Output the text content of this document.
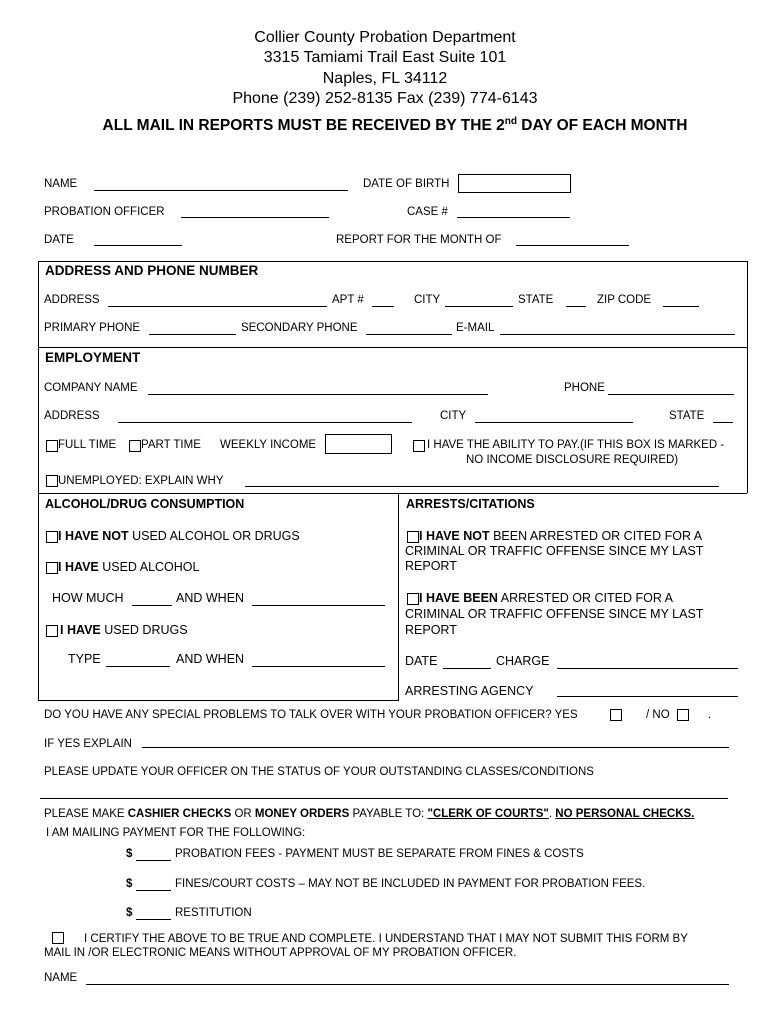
Collier County Probation Department
3315 Tamiami Trail East Suite 101
Naples, FL 34112
Phone (239) 252-8135 Fax (239) 774-6143
ALL MAIL IN REPORTS MUST BE RECEIVED BY THE 2nd DAY OF EACH MONTH
NAME	DATE OF BIRTH
PROBATION OFFICER	CASE #
DATE	REPORT FOR THE MONTH OF
ADDRESS AND PHONE NUMBER
ADDRESS	APT #	CITY	STATE	ZIP CODE
PRIMARY PHONE	SECONDARY PHONE	E-MAIL
EMPLOYMENT
COMPANY NAME	PHONE
ADDRESS	CITY	STATE
FULL TIME PART TIME WEEKLY INCOME	I HAVE THE ABILITY TO PAY.(IF THIS BOX IS MARKED -
NO INCOME DISCLOSURE REQUIRED)
UNEMPLOYED: EXPLAIN WHY
ALCOHOL/DRUG CONSUMPTION	ARRESTS/CITATIONS
I HAVE NOT USED ALCOHOL OR DRUGS
I HAVE USED ALCOHOL
HOW MUCH	AND WHEN
I HAVE USED DRUGS
TYPE	AND WHEN
I HAVE NOT BEEN ARRESTED OR CITED FOR A
CRIMINAL OR TRAFFIC OFFENSE SINCE MY LAST
REPORT
I HAVE BEEN ARRESTED OR CITED FOR A
CRIMINAL OR TRAFFIC OFFENSE SINCE MY LAST
REPORT
DATE	CHARGE
ARRESTING AGENCY
DO YOU HAVE ANY SPECIAL PROBLEMS TO TALK OVER WITH YOUR PROBATION OFFICER? YES	/ NO	.
IF YES EXPLAIN
PLEASE UPDATE YOUR OFFICER ON THE STATUS OF YOUR OUTSTANDING CLASSES/CONDITIONS
PLEASE MAKE CASHIER CHECKS OR MONEY ORDERS PAYABLE TO: "CLERK OF COURTS". NO PERSONAL CHECKS.
I AM MAILING PAYMENT FOR THE FOLLOWING:
$	PROBATION FEES - PAYMENT MUST BE SEPARATE FROM FINES & COSTS
$	FINES/COURT COSTS – MAY NOT BE INCLUDED IN PAYMENT FOR PROBATION FEES.
$	RESTITUTION
I CERTIFY THE ABOVE TO BE TRUE AND COMPLETE. I UNDERSTAND THAT I MAY NOT SUBMIT THIS FORM BY
MAIL IN /OR ELECTRONIC MEANS WITHOUT APPROVAL OF MY PROBATION OFFICER.
NAME
